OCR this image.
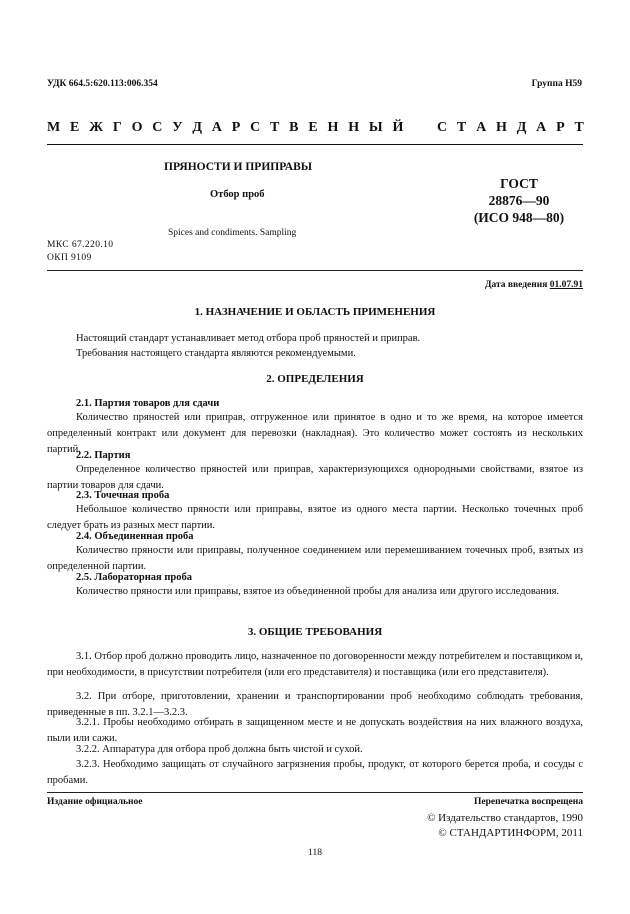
УДК 664.5:620.113:006.354	Группа Н59
М Е Ж Г О С У Д А Р С Т В Е Н Н Ы Й С Т А Н Д А Р Т
ПРЯНОСТИ И ПРИПРАВЫ
Отбор проб
ГОСТ
28876—90
(ИСО 948—80)
Spices and condiments. Sampling
МКС 67.220.10
ОКП 9109
Дата введения 01.07.91
1. НАЗНАЧЕНИЕ И ОБЛАСТЬ ПРИМЕНЕНИЯ
Настоящий стандарт устанавливает метод отбора проб пряностей и приправ.
Требования настоящего стандарта являются рекомендуемыми.
2. ОПРЕДЕЛЕНИЯ
2.1. Партия товаров для сдачи
Количество пряностей или приправ, отгруженное или принятое в одно и то же время, на которое имеется определенный контракт или документ для перевозки (накладная). Это количество может состоять из нескольких партий.
2.2. Партия
Определенное количество пряностей или приправ, характеризующихся однородными свойствами, взятое из партии товаров для сдачи.
2.3. Точечная проба
Небольшое количество пряности или приправы, взятое из одного места партии. Несколько точечных проб следует брать из разных мест партии.
2.4. Объединенная проба
Количество пряности или приправы, полученное соединением или перемешиванием точечных проб, взятых из определенной партии.
2.5. Лабораторная проба
Количество пряности или приправы, взятое из объединенной пробы для анализа или другого исследования.
3. ОБЩИЕ ТРЕБОВАНИЯ
3.1. Отбор проб должно проводить лицо, назначенное по договоренности между потребителем и поставщиком и, при необходимости, в присутствии потребителя (или его представителя) и поставщика (или его представителя).
3.2. При отборе, приготовлении, хранении и транспортировании проб необходимо соблюдать требования, приведенные в пп. 3.2.1—3.2.3.
3.2.1. Пробы необходимо отбирать в защищенном месте и не допускать воздействия на них влажного воздуха, пыли или сажи.
3.2.2. Аппаратура для отбора проб должна быть чистой и сухой.
3.2.3. Необходимо защищать от случайного загрязнения пробы, продукт, от которого берется проба, и сосуды с пробами.
Издание официальное	Перепечатка воспрещена
© Издательство стандартов, 1990
© СТАНДАРТИНФОРМ, 2011
118
